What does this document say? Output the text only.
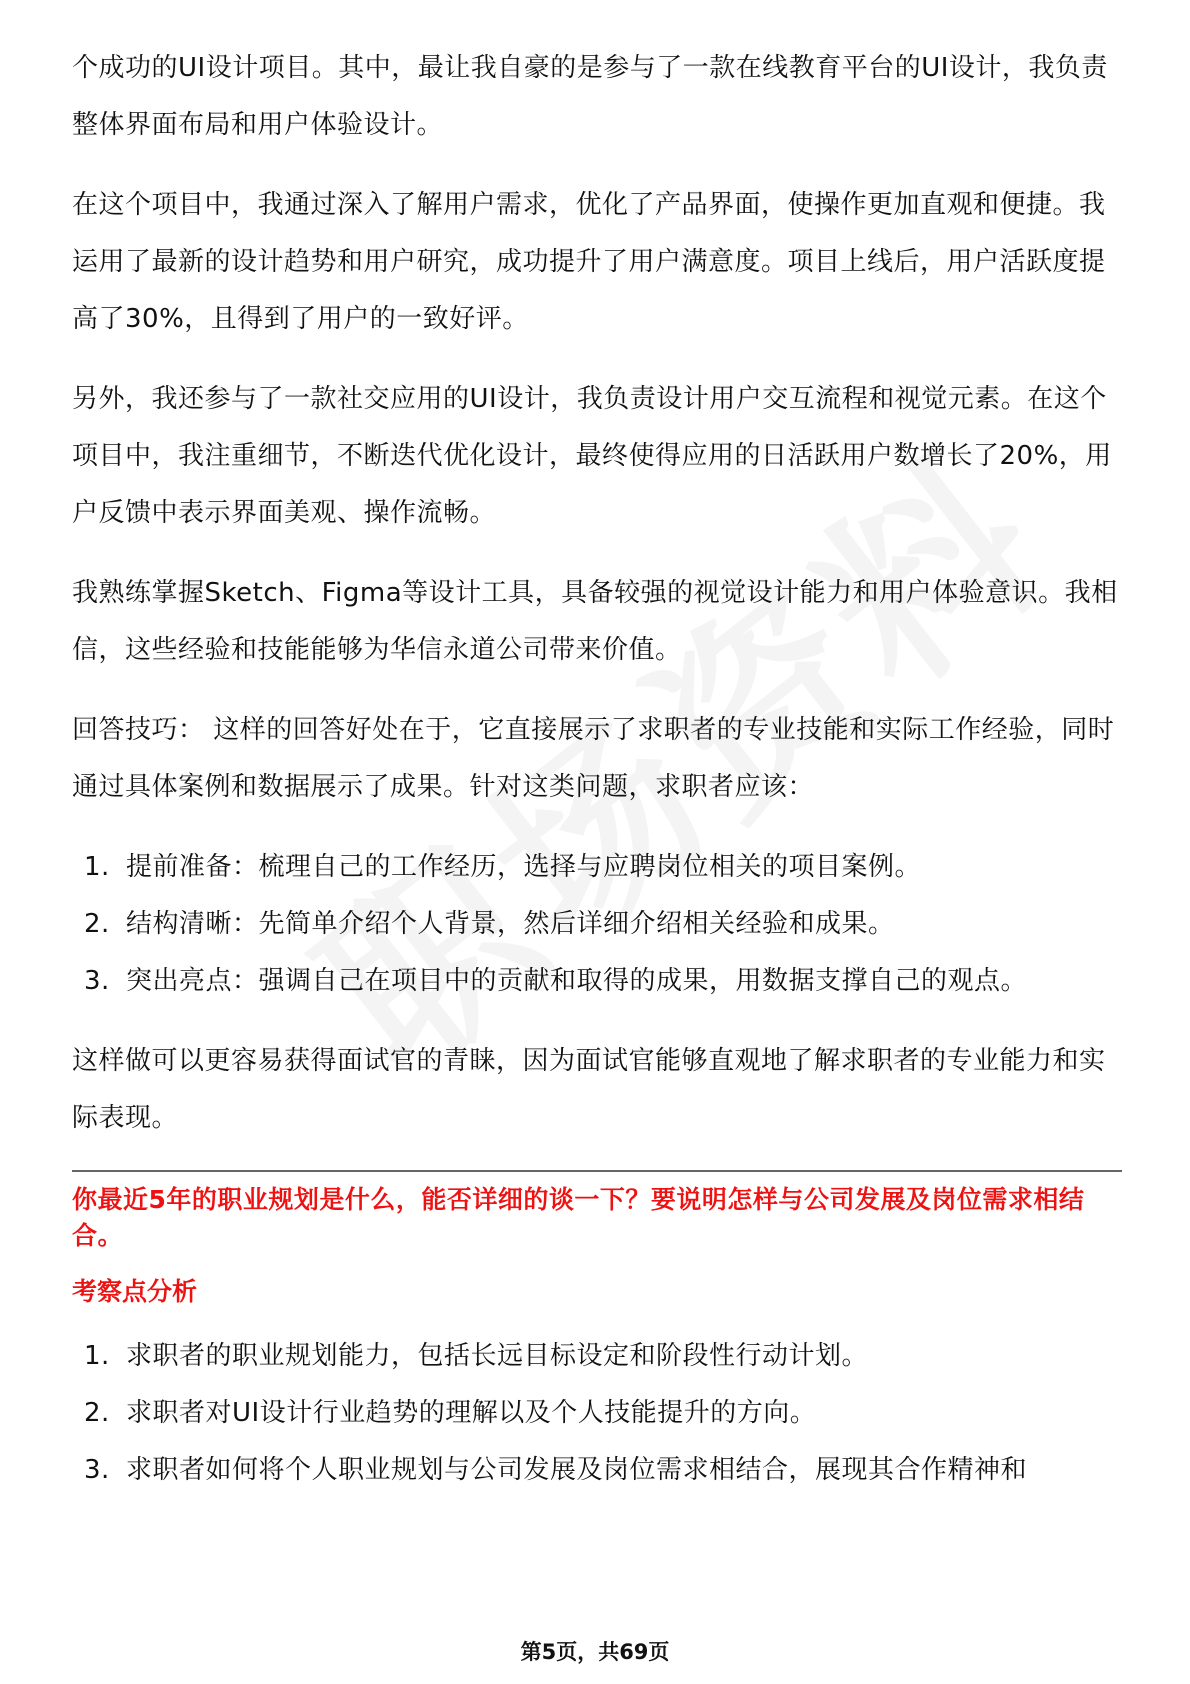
个成功的UI设计项目。其中，最让我自豪的是参与了一款在线教育平台的UI设计，我负责整体界面布局和用户体验设计。

在这个项目中，我通过深入了解用户需求，优化了产品界面，使操作更加直观和便捷。我运用了最新的设计趋势和用户研究，成功提升了用户满意度。项目上线后，用户活跃度提高了30%，且得到了用户的一致好评。

另外，我还参与了一款社交应用的UI设计，我负责设计用户交互流程和视觉元素。在这个项目中，我注重细节，不断迭代优化设计，最终使得应用的日活跃用户数增长了20%，用户反馈中表示界面美观、操作流畅。

我熟练掌握Sketch、Figma等设计工具，具备较强的视觉设计能力和用户体验意识。我相信，这些经验和技能能够为华信永道公司带来价值。

回答技巧： 这样的回答好处在于，它直接展示了求职者的专业技能和实际工作经验，同时通过具体案例和数据展示了成果。针对这类问题，求职者应该：

1. 提前准备：梳理自己的工作经历，选择与应聘岗位相关的项目案例。
2. 结构清晰：先简单介绍个人背景，然后详细介绍相关经验和成果。
3. 突出亮点：强调自己在项目中的贡献和取得的成果，用数据支撑自己的观点。

这样做可以更容易获得面试官的青睐，因为面试官能够直观地了解求职者的专业能力和实际表现。

你最近5年的职业规划是什么，能否详细的谈一下？要说明怎样与公司发展及岗位需求相结合。
考察点分析
1. 求职者的职业规划能力，包括长远目标设定和阶段性行动计划。
2. 求职者对UI设计行业趋势的理解以及个人技能提升的方向。
3. 求职者如何将个人职业规划与公司发展及岗位需求相结合，展现其合作精神和
第5页，共69页
